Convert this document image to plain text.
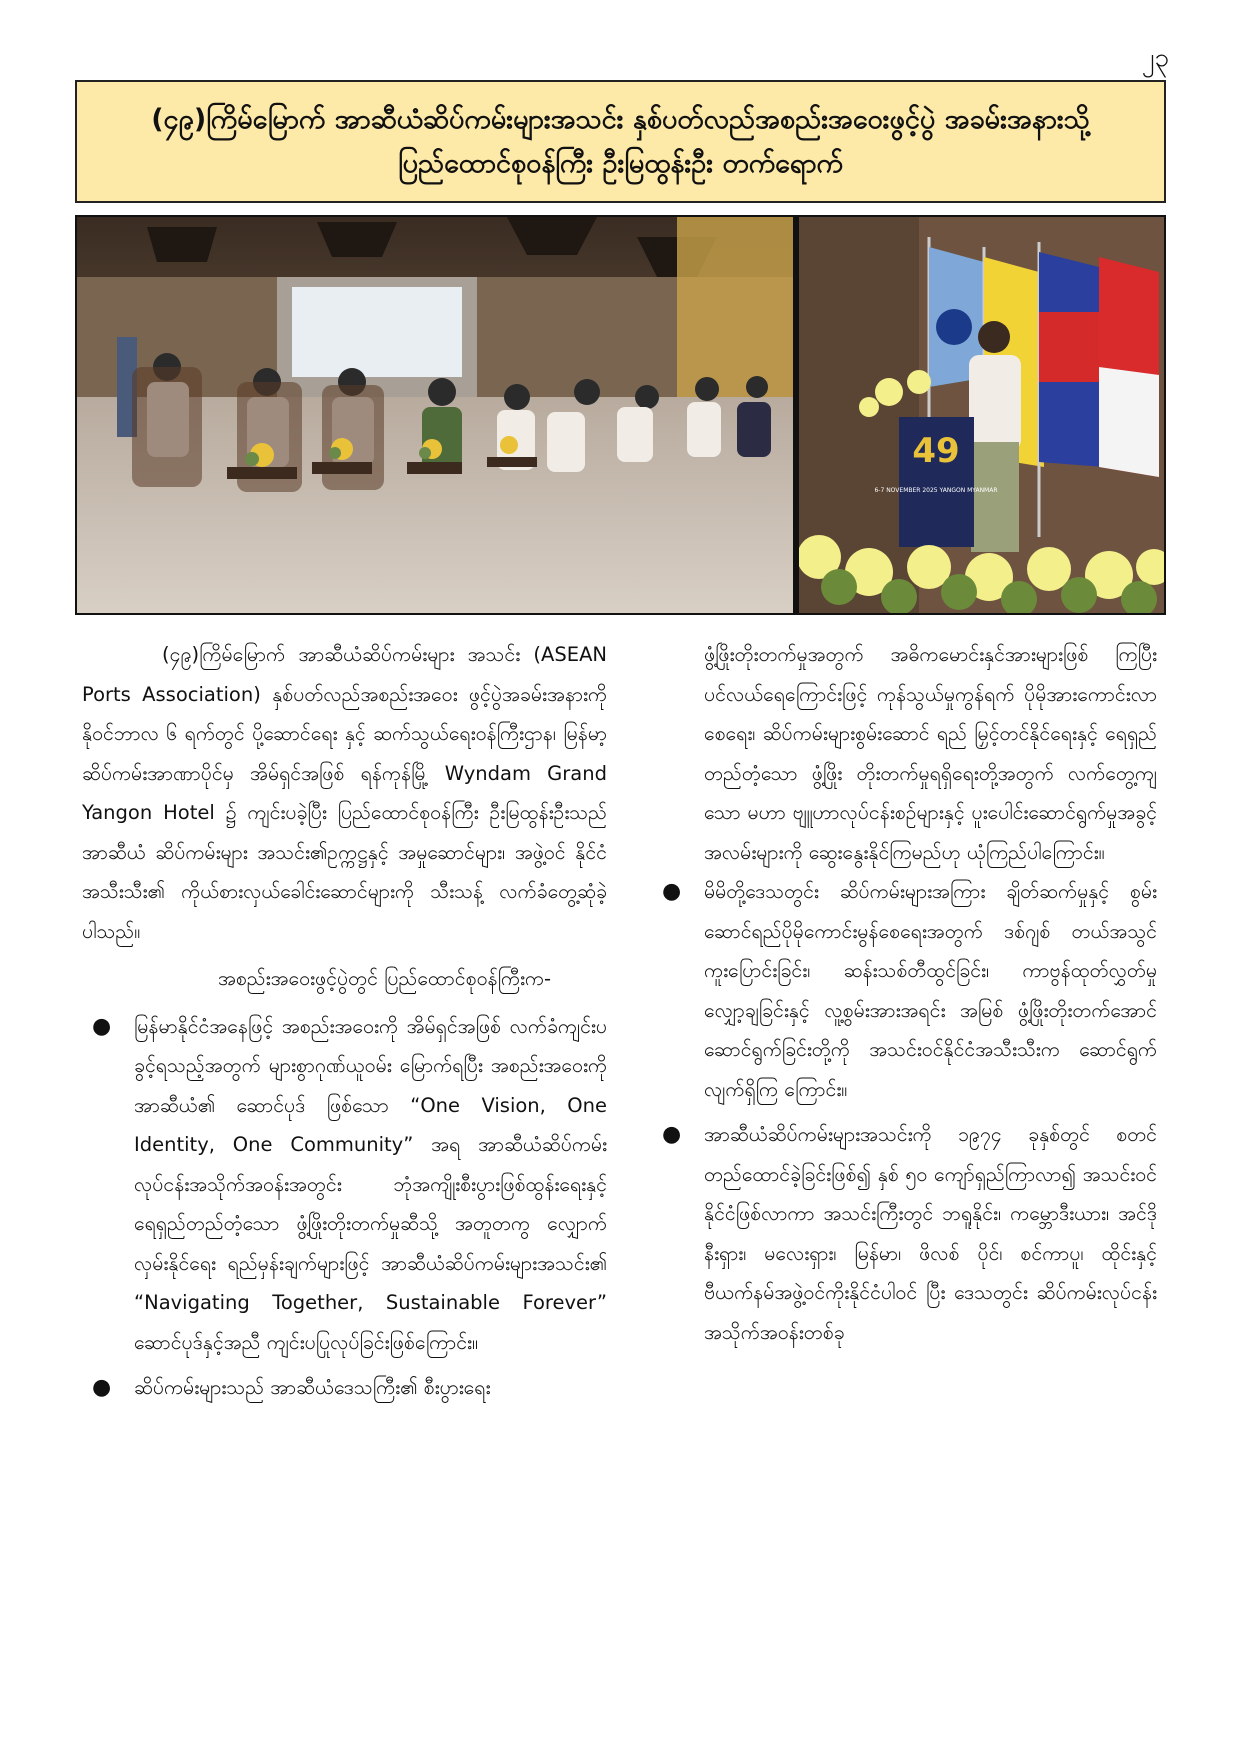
၂၃
(၄၉)ကြိမ်မြောက် အာဆီယံဆိပ်ကမ်းများအသင်း နှစ်ပတ်လည်အစည်းအဝေးဖွင့်ပွဲ အခမ်းအနားသို့
ပြည်ထောင်စုဝန်ကြီး ဦးမြထွန်းဦး တက်ရောက်
49
6-7 NOVEMBER 2025 YANGON MYANMAR

(၄၉)ကြိမ်မြောက် အာဆီယံဆိပ်ကမ်းများ အသင်း (ASEAN Ports Association) နှစ်ပတ်လည်အစည်းအဝေး ဖွင့်ပွဲအခမ်းအနားကိုနိုဝင်ဘာလ ၆ ရက်တွင် ပို့ဆောင်ရေး နှင့် ဆက်သွယ်ရေးဝန်ကြီးဌာန၊ မြန်မာ့ဆိပ်ကမ်းအာဏာပိုင်မှ အိမ်ရှင်အဖြစ် ရန်ကုန်မြို့ Wyndam Grand Yangon Hotel ၌ ကျင်းပခဲ့ပြီး ပြည်ထောင်စုဝန်ကြီး ဦးမြထွန်းဦးသည် အာဆီယံ ဆိပ်ကမ်းများ အသင်း၏ဥက္ကဋ္ဌနှင့် အမှုဆောင်များ၊ အဖွဲ့ဝင် နိုင်ငံအသီးသီး၏ ကိုယ်စားလှယ်ခေါင်းဆောင်များကို သီးသန့် လက်ခံတွေ့ဆုံခဲ့ပါသည်။

အစည်းအဝေးဖွင့်ပွဲတွင် ပြည်ထောင်စုဝန်ကြီးက-

● မြန်မာနိုင်ငံအနေဖြင့် အစည်းအဝေးကို အိမ်ရှင်အဖြစ် လက်ခံကျင်းပခွင့်ရသည့်အတွက် များစွာဂုဏ်ယူဝမ်း မြောက်ရပြီး အစည်းအဝေးကို အာဆီယံ၏ ဆောင်ပုဒ် ဖြစ်သော “One Vision, One Identity, One Community” အရ အာဆီယံဆိပ်ကမ်းလုပ်ငန်းအသိုက်အဝန်းအတွင်း ဘုံအကျိုးစီးပွားဖြစ်ထွန်းရေးနှင့် ရေရှည်တည်တံ့သော ဖွံ့ဖြိုးတိုးတက်မှုဆီသို့ အတူတကွ လျှောက်လှမ်းနိုင်ရေး ရည်မှန်းချက်များဖြင့် အာဆီယံဆိပ်ကမ်းများအသင်း၏ “Navigating Together, Sustainable Forever” ဆောင်ပုဒ်နှင့်အညီ ကျင်းပပြုလုပ်ခြင်းဖြစ်ကြောင်း။
● ဆိပ်ကမ်းများသည် အာဆီယံဒေသကြီး၏ စီးပွားရေး

ဖွံ့ဖြိုးတိုးတက်မှုအတွက် အဓိကမောင်းနှင်အားများဖြစ် ကြပြီး ပင်လယ်ရေကြောင်းဖြင့် ကုန်သွယ်မှုကွန်ရက် ပိုမိုအားကောင်းလာစေရေး၊ ဆိပ်ကမ်းများစွမ်းဆောင် ရည် မြှင့်တင်နိုင်ရေးနှင့် ရေရှည်တည်တံ့သော ဖွံ့ဖြိုး တိုးတက်မှုရရှိရေးတို့အတွက် လက်တွေ့ကျသော မဟာ ဗျူဟာလုပ်ငန်းစဉ်များနှင့် ပူးပေါင်းဆောင်ရွက်မှုအခွင့် အလမ်းများကို ဆွေးနွေးနိုင်ကြမည်ဟု ယုံကြည်ပါကြောင်း။

● မိမိတို့ဒေသတွင်း ဆိပ်ကမ်းများအကြား ချိတ်ဆက်မှုနှင့် စွမ်းဆောင်ရည်ပိုမိုကောင်းမွန်စေရေးအတွက် ဒစ်ဂျစ် တယ်အသွင်ကူးပြောင်းခြင်း၊ ဆန်းသစ်တီထွင်ခြင်း၊ ကာဗွန်ထုတ်လွှတ်မှုလျှော့ချခြင်းနှင့် လူ့စွမ်းအားအရင်း အမြစ် ဖွံ့ဖြိုးတိုးတက်အောင် ဆောင်ရွက်ခြင်းတို့ကို အသင်းဝင်နိုင်ငံအသီးသီးက ဆောင်ရွက်လျက်ရှိကြ ကြောင်း။
● အာဆီယံဆိပ်ကမ်းများအသင်းကို ၁၉၇၄ ခုနှစ်တွင် စတင်တည်ထောင်ခဲ့ခြင်းဖြစ်၍ နှစ် ၅၀ ကျော်ရှည်ကြာလာ၍ အသင်းဝင်နိုင်ငံဖြစ်လာကာ အသင်းကြီးတွင် ဘရူနိုင်း၊ ကမ္ဘောဒီးယား၊ အင်ဒိုနီးရှား၊ မလေးရှား၊ မြန်မာ၊ ဖိလစ် ပိုင်၊ စင်ကာပူ၊ ထိုင်းနှင့် ဗီယက်နမ်အဖွဲ့ဝင်ကိုးနိုင်ငံပါဝင် ပြီး ဒေသတွင်း ဆိပ်ကမ်းလုပ်ငန်းအသိုက်အဝန်းတစ်ခု
